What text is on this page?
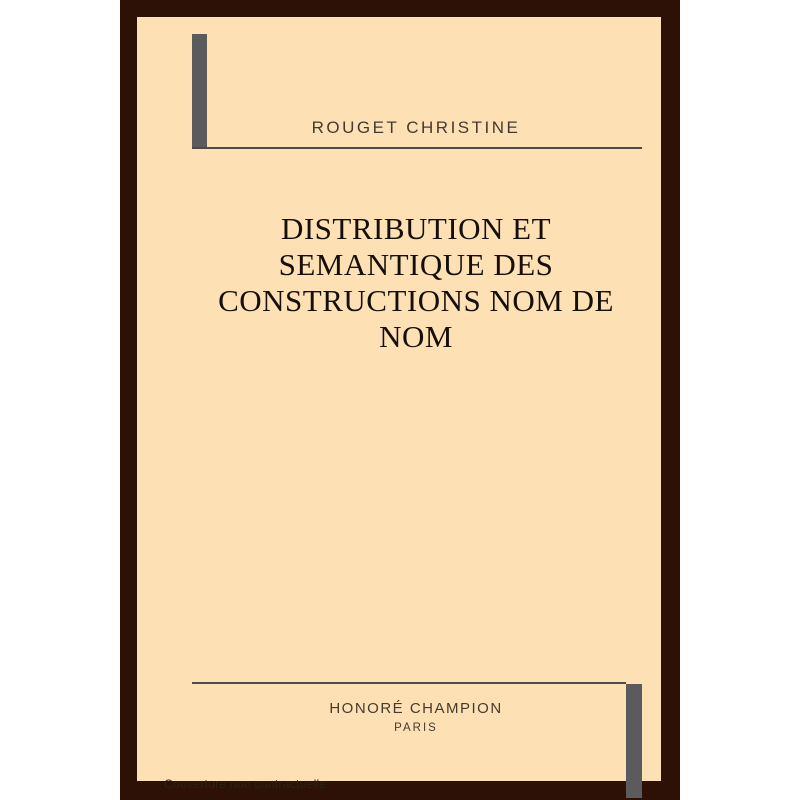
ROUGET CHRISTINE
DISTRIBUTION ET
SEMANTIQUE DES
CONSTRUCTIONS NOM DE
NOM
HONORÉ CHAMPION
PARIS
Couverture non contractuelle
